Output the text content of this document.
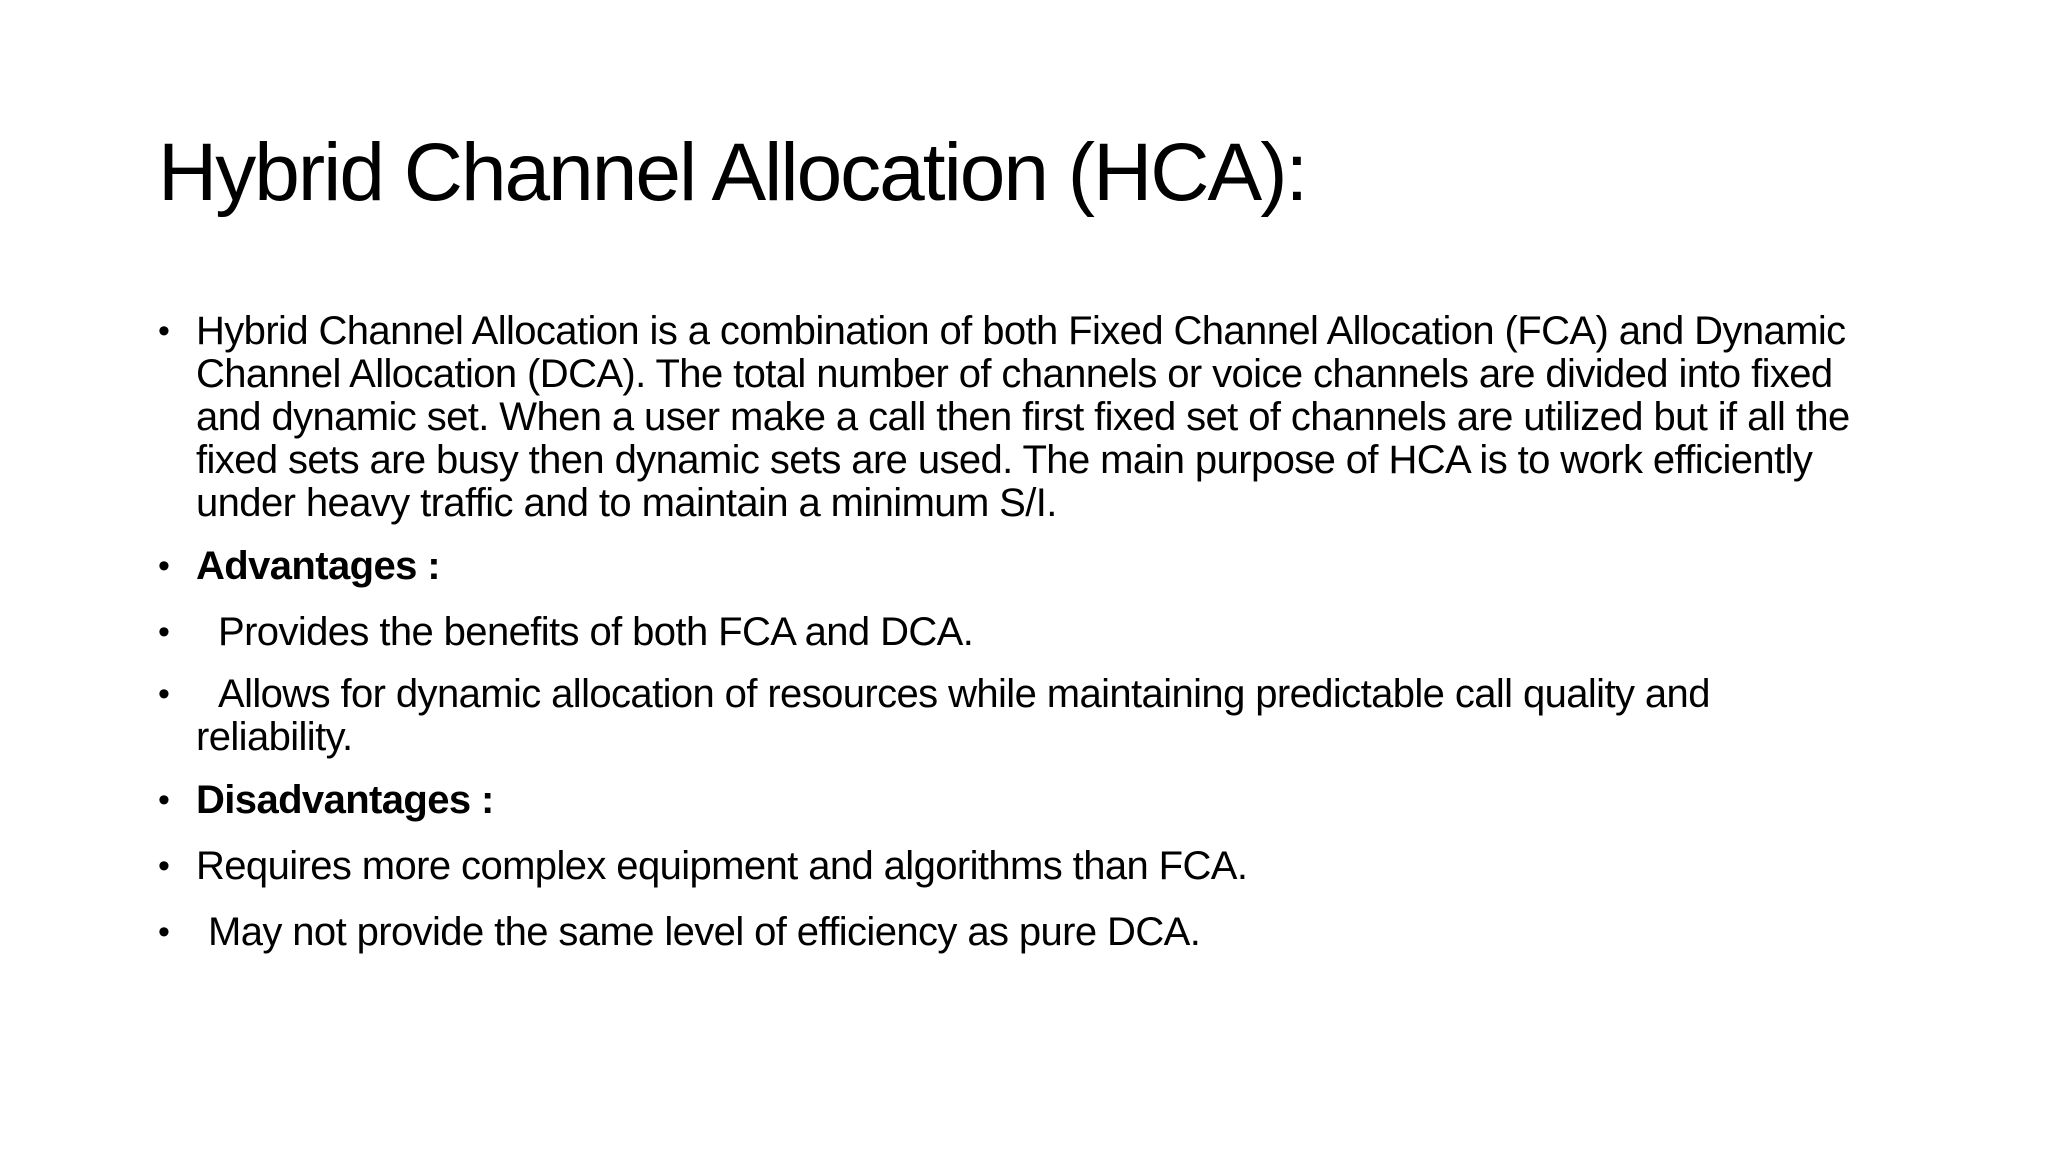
Hybrid Channel Allocation (HCA):
• Hybrid Channel Allocation is a combination of both Fixed Channel Allocation (FCA) and Dynamic Channel Allocation (DCA). The total number of channels or voice channels are divided into fixed and dynamic set. When a user make a call then first fixed set of channels are utilized but if all the fixed sets are busy then dynamic sets are used. The main purpose of HCA is to work efficiently under heavy traffic and to maintain a minimum S/I.
• Advantages :
•	Provides the benefits of both FCA and DCA.
•	Allows for dynamic allocation of resources while maintaining predictable call quality and reliability.
• Disadvantages :
• Requires more complex equipment and algorithms than FCA.
• May not provide the same level of efficiency as pure DCA.
